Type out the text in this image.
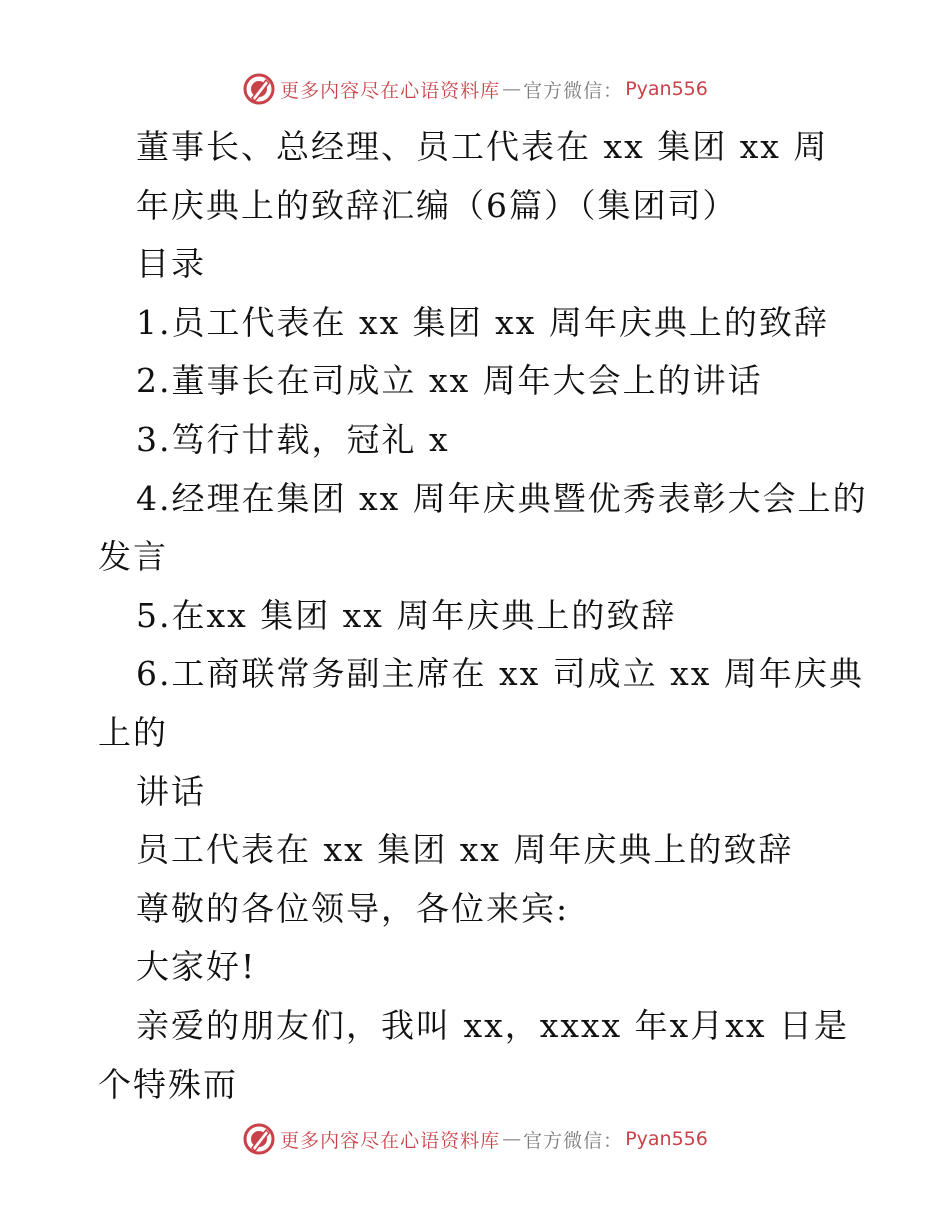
更多内容尽在心语资料库 — 官方微信： Pyan556
董事长、总经理、员工代表在 xx 集团 xx 周
年庆典上的致辞汇编（6篇）（集团司）
目录
1.员工代表在 xx 集团 xx 周年庆典上的致辞
2.董事长在司成立 xx 周年大会上的讲话
3.笃行廿载，冠礼 x
4.经理在集团 xx 周年庆典暨优秀表彰大会上的
发言
5.在xx 集团 xx 周年庆典上的致辞
6.工商联常务副主席在 xx 司成立 xx 周年庆典
上的
讲话
员工代表在 xx 集团 xx 周年庆典上的致辞
尊敬的各位领导，各位来宾:
大家好!
亲爱的朋友们，我叫 xx，xxxx 年x月xx 日是
个特殊而
更多内容尽在心语资料库 — 官方微信： Pyan556
